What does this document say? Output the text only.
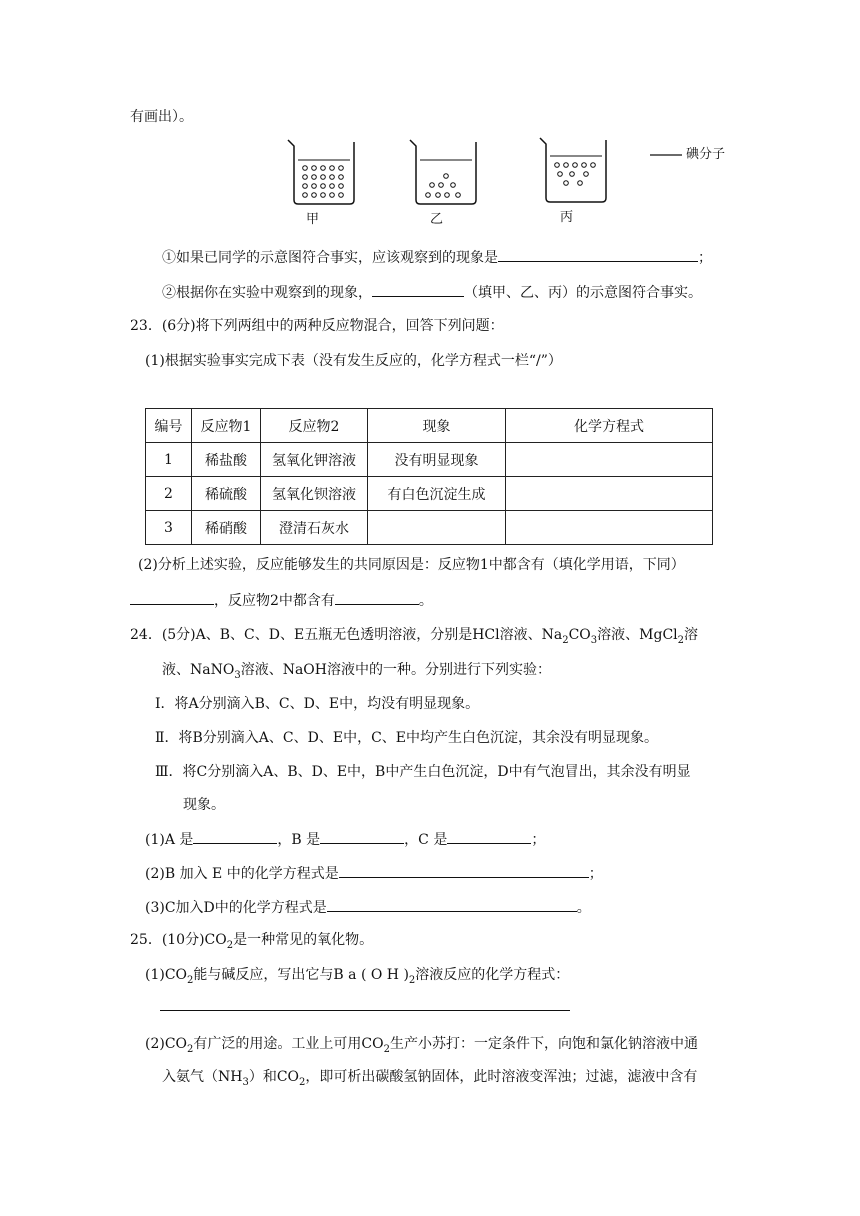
有画出）。
碘分子
甲	乙	丙
①如果已同学的示意图符合事实，应该观察到的现象是	；
②根据你在实验中观察到的现象，	（填甲、乙、丙）的示意图符合事实。
23．(6分)将下列两组中的两种反应物混合，回答下列问题：
(1)根据实验事实完成下表（没有发生反应的，化学方程式一栏“/”）
编号	反应物1	反应物2	现象	化学方程式
1	稀盐酸	氢氧化钾溶液	没有明显现象	
2	稀硫酸	氢氧化钡溶液	有白色沉淀生成	
3	稀硝酸	澄清石灰水		
(2)分析上述实验，反应能够发生的共同原因是：反应物1中都含有（填化学用语，下同）
，反应物2中都含有	。
24．(5分)A、B、C、D、E五瓶无色透明溶液，分别是HCl溶液、$Na_2CO_3$溶液、MgCl$_2$溶
液、NaNO$_3$溶液、NaOH溶液中的一种。分别进行下列实验：
Ⅰ．将A分别滴入B、C、D、E中，均没有明显现象。
Ⅱ．将B分别滴入A、C、D、E中，C、E中均产生白色沉淀，其余没有明显现象。
Ⅲ．将C分别滴入A、B、D、E中，B中产生白色沉淀，D中有气泡冒出，其余没有明显
现象。
(1)A 是	，B 是	，C 是	；
(2)B 加入 E 中的化学方程式是	；
(3)C加入D中的化学方程式是	。
25．(10分)$CO_2$是一种常见的氧化物。
$(1)CO_2$能与碱反应，写出它与B a ( O H )$_2$溶液反应的化学方程式：
$(2)CO_2$有广泛的用途。工业上可用$CO_2$生产小苏打：一定条件下，向饱和氯化钠溶液中通
入氨气$(NH_3)$和$CO_2$，即可析出碳酸氢钠固体，此时溶液变浑浊；过滤，滤液中含有
